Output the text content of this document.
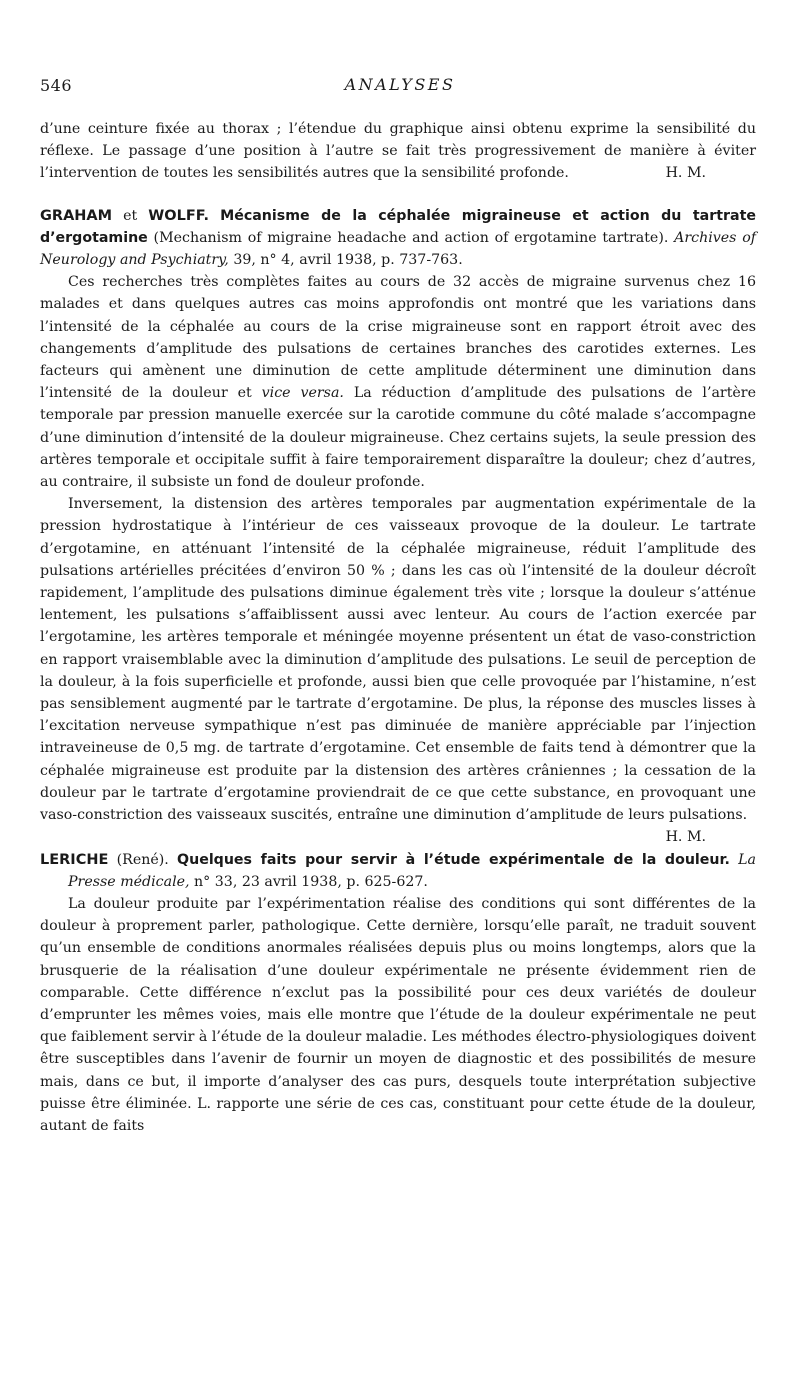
546	ANALYSES

d’une ceinture fixée au thorax ; l’étendue du graphique ainsi obtenu exprime la sensibilité du réflexe. Le passage d’une position à l’autre se fait très progressivement de manière à éviter l’intervention de toutes les sensibilités autres que la sensibilité profonde.	H. M.

GRAHAM et WOLFF. Mécanisme de la céphalée migraineuse et action du tartrate d’ergotamine (Mechanism of migraine headache and action of ergotamine tartrate). Archives of Neurology and Psychiatry, 39, n° 4, avril 1938, p. 737-763.

Ces recherches très complètes faites au cours de 32 accès de migraine survenus chez 16 malades et dans quelques autres cas moins approfondis ont montré que les variations dans l’intensité de la céphalée au cours de la crise migraineuse sont en rapport étroit avec des changements d’amplitude des pulsations de certaines branches des carotides externes. Les facteurs qui amènent une diminution de cette amplitude déterminent une diminution dans l’intensité de la douleur et vice versa. La réduction d’amplitude des pulsations de l’artère temporale par pression manuelle exercée sur la carotide commune du côté malade s’accompagne d’une diminution d’intensité de la douleur migraineuse. Chez certains sujets, la seule pression des artères temporale et occipitale suffit à faire temporairement disparaître la douleur; chez d’autres, au contraire, il subsiste un fond de douleur profonde.

Inversement, la distension des artères temporales par augmentation expérimentale de la pression hydrostatique à l’intérieur de ces vaisseaux provoque de la douleur. Le tartrate d’ergotamine, en atténuant l’intensité de la céphalée migraineuse, réduit l’amplitude des pulsations artérielles précitées d’environ 50 % ; dans les cas où l’intensité de la douleur décroît rapidement, l’amplitude des pulsations diminue également très vite ; lorsque la douleur s’atténue lentement, les pulsations s’affaiblissent aussi avec lenteur. Au cours de l’action exercée par l’ergotamine, les artères temporale et méningée moyenne présentent un état de vaso-constriction en rapport vraisemblable avec la diminution d’amplitude des pulsations. Le seuil de perception de la douleur, à la fois superficielle et profonde, aussi bien que celle provoquée par l’histamine, n’est pas sensiblement augmenté par le tartrate d’ergotamine. De plus, la réponse des muscles lisses à l’excitation nerveuse sympathique n’est pas diminuée de manière appréciable par l’injection intraveineuse de 0,5 mg. de tartrate d’ergotamine. Cet ensemble de faits tend à démontrer que la céphalée migraineuse est produite par la distension des artères crâniennes ; la cessation de la douleur par le tartrate d’ergotamine proviendrait de ce que cette substance, en provoquant une vaso-constriction des vaisseaux suscités, entraîne une diminution d’amplitude de leurs pulsations.
H. M.

LERICHE (René). Quelques faits pour servir à l’étude expérimentale de la douleur. La Presse médicale, n° 33, 23 avril 1938, p. 625-627.

La douleur produite par l’expérimentation réalise des conditions qui sont différentes de la douleur à proprement parler, pathologique. Cette dernière, lorsqu’elle paraît, ne traduit souvent qu’un ensemble de conditions anormales réalisées depuis plus ou moins longtemps, alors que la brusquerie de la réalisation d’une douleur expérimentale ne présente évidemment rien de comparable. Cette différence n’exclut pas la possibilité pour ces deux variétés de douleur d’emprunter les mêmes voies, mais elle montre que l’étude de la douleur expérimentale ne peut que faiblement servir à l’étude de la douleur maladie. Les méthodes électro-physiologiques doivent être susceptibles dans l’avenir de fournir un moyen de diagnostic et des possibilités de mesure mais, dans ce but, il importe d’analyser des cas purs, desquels toute interprétation subjective puisse être éliminée. L. rapporte une série de ces cas, constituant pour cette étude de la douleur, autant de faits
